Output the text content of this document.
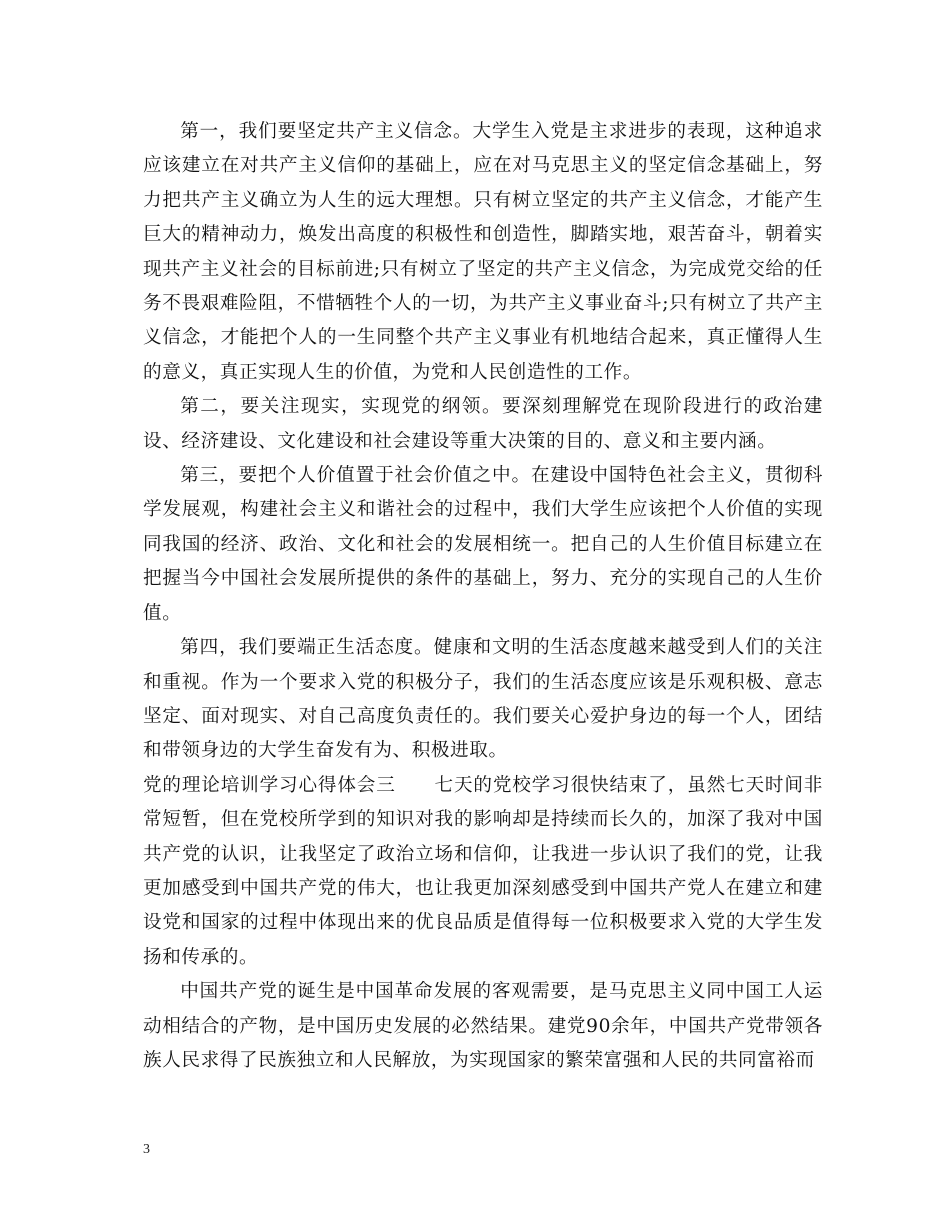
第一，我们要坚定共产主义信念。大学生入党是主求进步的表现，这种追求应该建立在对共产主义信仰的基础上，应在对马克思主义的坚定信念基础上，努力把共产主义确立为人生的远大理想。只有树立坚定的共产主义信念，才能产生巨大的精神动力，焕发出高度的积极性和创造性，脚踏实地，艰苦奋斗，朝着实现共产主义社会的目标前进;只有树立了坚定的共产主义信念，为完成党交给的任务不畏艰难险阻，不惜牺牲个人的一切，为共产主义事业奋斗;只有树立了共产主义信念，才能把个人的一生同整个共产主义事业有机地结合起来，真正懂得人生的意义，真正实现人生的价值，为党和人民创造性的工作。

第二，要关注现实，实现党的纲领。要深刻理解党在现阶段进行的政治建设、经济建设、文化建设和社会建设等重大决策的目的、意义和主要内涵。

第三，要把个人价值置于社会价值之中。在建设中国特色社会主义，贯彻科学发展观，构建社会主义和谐社会的过程中，我们大学生应该把个人价值的实现同我国的经济、政治、文化和社会的发展相统一。把自己的人生价值目标建立在把握当今中国社会发展所提供的条件的基础上，努力、充分的实现自己的人生价值。

第四，我们要端正生活态度。健康和文明的生活态度越来越受到人们的关注和重视。作为一个要求入党的积极分子，我们的生活态度应该是乐观积极、意志坚定、面对现实、对自己高度负责任的。我们要关心爱护身边的每一个人，团结和带领身边的大学生奋发有为、积极进取。

党的理论培训学习心得体会三　　七天的党校学习很快结束了，虽然七天时间非常短暂，但在党校所学到的知识对我的影响却是持续而长久的，加深了我对中国共产党的认识，让我坚定了政治立场和信仰，让我进一步认识了我们的党，让我更加感受到中国共产党的伟大，也让我更加深刻感受到中国共产党人在建立和建设党和国家的过程中体现出来的优良品质是值得每一位积极要求入党的大学生发扬和传承的。

中国共产党的诞生是中国革命发展的客观需要，是马克思主义同中国工人运动相结合的产物，是中国历史发展的必然结果。建党90余年，中国共产党带领各族人民求得了民族独立和人民解放，为实现国家的繁荣富强和人民的共同富裕而

3
